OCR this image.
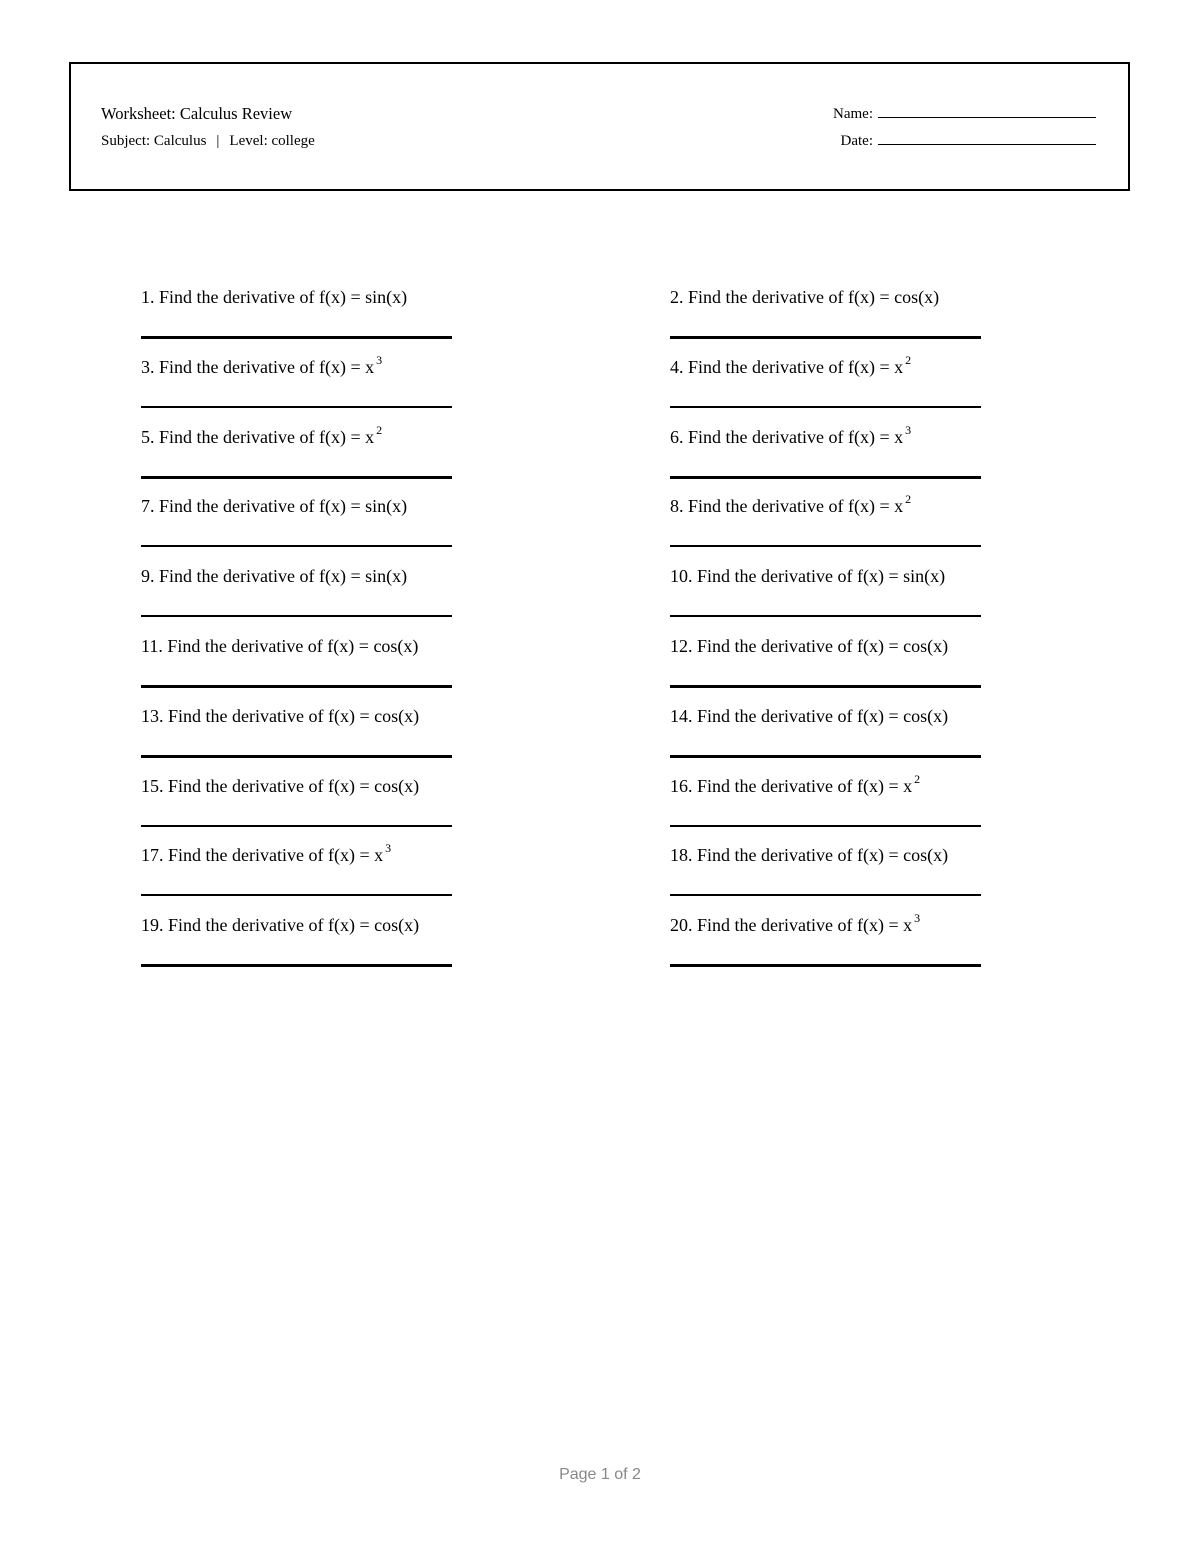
Worksheet: Calculus Review
Subject: Calculus | Level: college
Name:
Date:
1. Find the derivative of f(x) = sin(x)	2. Find the derivative of f(x) = cos(x)
3. Find the derivative of f(x) = x $^3$	4. Find the derivative of f(x) = x $^2$
5. Find the derivative of f(x) = x $^2$	6. Find the derivative of f(x) = x $^3$
7. Find the derivative of f(x) = sin(x)	8. Find the derivative of f(x) = x $^2$
9. Find the derivative of f(x) = sin(x)	10. Find the derivative of f(x) = sin(x)
11. Find the derivative of f(x) = cos(x)	12. Find the derivative of f(x) = cos(x)
13. Find the derivative of f(x) = cos(x)	14. Find the derivative of f(x) = cos(x)
15. Find the derivative of f(x) = cos(x)	16. Find the derivative of f(x) = x $^2$
17. Find the derivative of f(x) = x $^3$	18. Find the derivative of f(x) = cos(x)
19. Find the derivative of f(x) = cos(x)	20. Find the derivative of f(x) = x $^3$
Page 1 of 2
